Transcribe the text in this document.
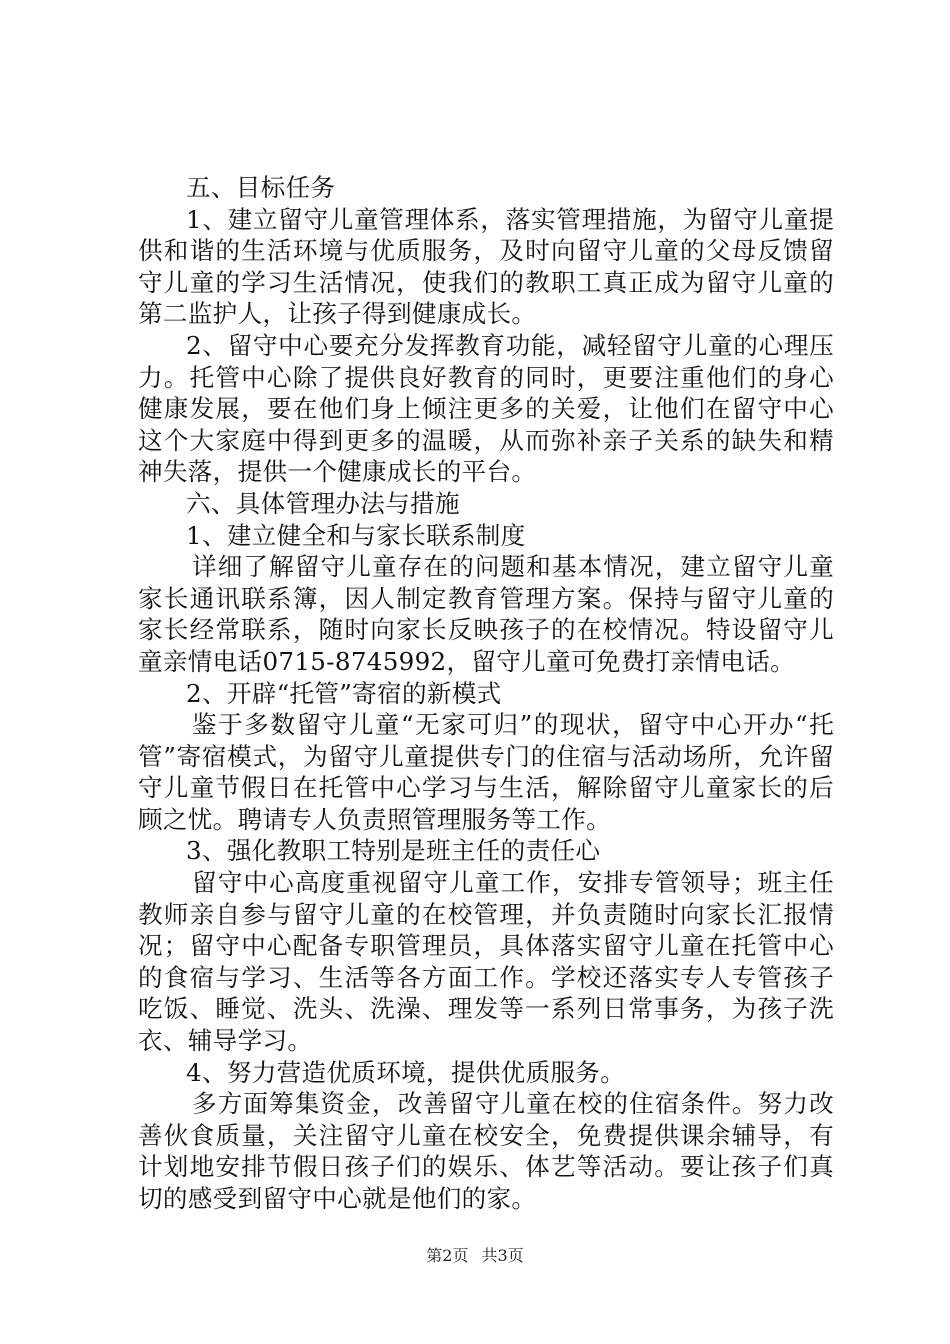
五、目标任务

1、建立留守儿童管理体系，落实管理措施，为留守儿童提供和谐的生活环境与优质服务，及时向留守儿童的父母反馈留守儿童的学习生活情况，使我们的教职工真正成为留守儿童的第二监护人，让孩子得到健康成长。

2、留守中心要充分发挥教育功能，减轻留守儿童的心理压力。托管中心除了提供良好教育的同时，更要注重他们的身心健康发展，要在他们身上倾注更多的关爱，让他们在留守中心这个大家庭中得到更多的温暖，从而弥补亲子关系的缺失和精神失落，提供一个健康成长的平台。

六、具体管理办法与措施

1、建立健全和与家长联系制度

详细了解留守儿童存在的问题和基本情况，建立留守儿童家长通讯联系簿，因人制定教育管理方案。保持与留守儿童的家长经常联系，随时向家长反映孩子的在校情况。特设留守儿童亲情电话0715-8745992，留守儿童可免费打亲情电话。

2、开辟“托管”寄宿的新模式

鉴于多数留守儿童“无家可归”的现状，留守中心开办“托管”寄宿模式，为留守儿童提供专门的住宿与活动场所，允许留守儿童节假日在托管中心学习与生活，解除留守儿童家长的后顾之忧。聘请专人负责照管理服务等工作。

3、强化教职工特别是班主任的责任心

留守中心高度重视留守儿童工作，安排专管领导；班主任教师亲自参与留守儿童的在校管理，并负责随时向家长汇报情况；留守中心配备专职管理员，具体落实留守儿童在托管中心的食宿与学习、生活等各方面工作。学校还落实专人专管孩子吃饭、睡觉、洗头、洗澡、理发等一系列日常事务，为孩子洗衣、辅导学习。

4、努力营造优质环境，提供优质服务。

多方面筹集资金，改善留守儿童在校的住宿条件。努力改善伙食质量，关注留守儿童在校安全，免费提供课余辅导，有计划地安排节假日孩子们的娱乐、体艺等活动。要让孩子们真切的感受到留守中心就是他们的家。

第2页 共3页
